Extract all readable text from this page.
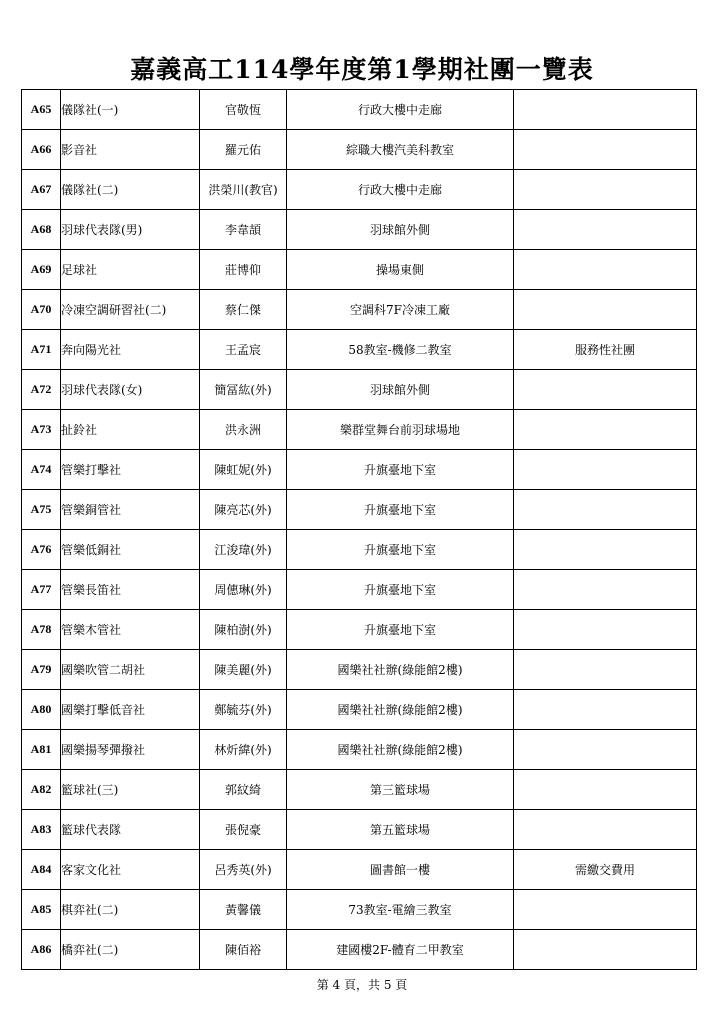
嘉義高工114學年度第1學期社團一覽表
A65	儀隊社(一)	官敬恆	行政大樓中走廊	
A66	影音社	羅元佑	綜職大樓汽美科教室	
A67	儀隊社(二)	洪榮川(教官)	行政大樓中走廊	
A68	羽球代表隊(男)	李韋頡	羽球館外側	
A69	足球社	莊博仰	操場東側	
A70	冷凍空調研習社(二)	蔡仁傑	空調科7F冷凍工廠	
A71	奔向陽光社	王孟宸	58教室-機修二教室	服務性社團
A72	羽球代表隊(女)	簡冨紘(外)	羽球館外側	
A73	扯鈴社	洪永洲	樂群堂舞台前羽球場地	
A74	管樂打擊社	陳虹妮(外)	升旗臺地下室	
A75	管樂銅管社	陳亮芯(外)	升旗臺地下室	
A76	管樂低銅社	江浚瑋(外)	升旗臺地下室	
A77	管樂長笛社	周僡琳(外)	升旗臺地下室	
A78	管樂木管社	陳柏澍(外)	升旗臺地下室	
A79	國樂吹管二胡社	陳美麗(外)	國樂社社辦(綠能館2樓)	
A80	國樂打擊低音社	鄭毓芬(外)	國樂社社辦(綠能館2樓)	
A81	國樂揚琴彈撥社	林炘緯(外)	國樂社社辦(綠能館2樓)	
A82	籃球社(三)	郭紋綺	第三籃球場	
A83	籃球代表隊	張倪豪	第五籃球場	
A84	客家文化社	呂秀英(外)	圖書館一樓	需繳交費用
A85	棋弈社(二)	黃馨儀	73教室-電繪三教室	
A86	橋弈社(二)	陳佰裕	建國樓2F-體育二甲教室	
第 4 頁，共 5 頁
